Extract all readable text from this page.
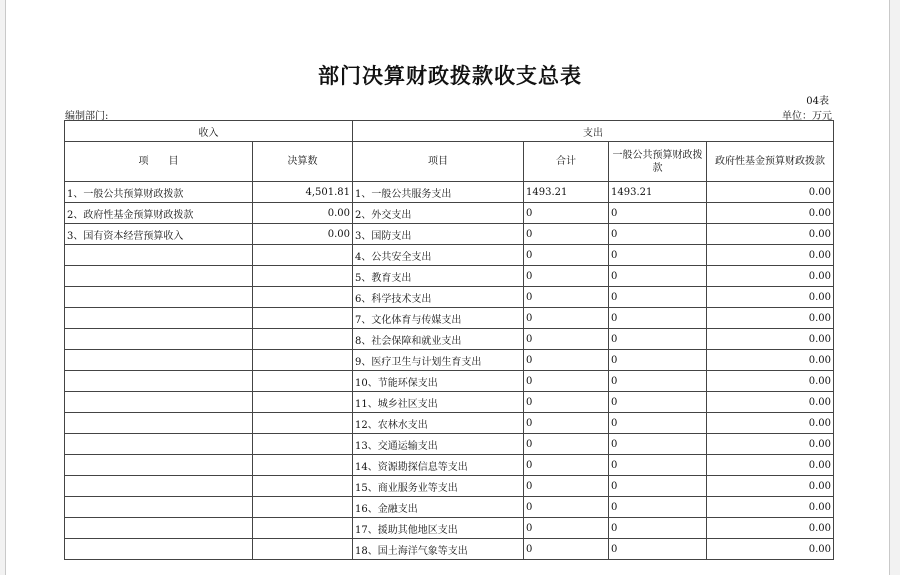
部门决算财政拨款收支总表
04表
编制部门:	单位：万元
收入		支出			
项　　目	决算数	项目	合计	一般公共预算财政拨款	政府性基金预算财政拨款
1、一般公共预算财政拨款	4,501.81	1、一般公共服务支出	1493.21	1493.21	0.00
2、政府性基金预算财政拨款	0.00	2、外交支出	0	0	0.00
3、国有资本经营预算收入	0.00	3、国防支出	0	0	0.00
		4、公共安全支出	0	0	0.00
		5、教育支出	0	0	0.00
		6、科学技术支出	0	0	0.00
		7、文化体育与传媒支出	0	0	0.00
		8、社会保障和就业支出	0	0	0.00
		9、医疗卫生与计划生育支出	0	0	0.00
		10、节能环保支出	0	0	0.00
		11、城乡社区支出	0	0	0.00
		12、农林水支出	0	0	0.00
		13、交通运输支出	0	0	0.00
		14、资源勘探信息等支出	0	0	0.00
		15、商业服务业等支出	0	0	0.00
		16、金融支出	0	0	0.00
		17、援助其他地区支出	0	0	0.00
		18、国土海洋气象等支出	0	0	0.00
